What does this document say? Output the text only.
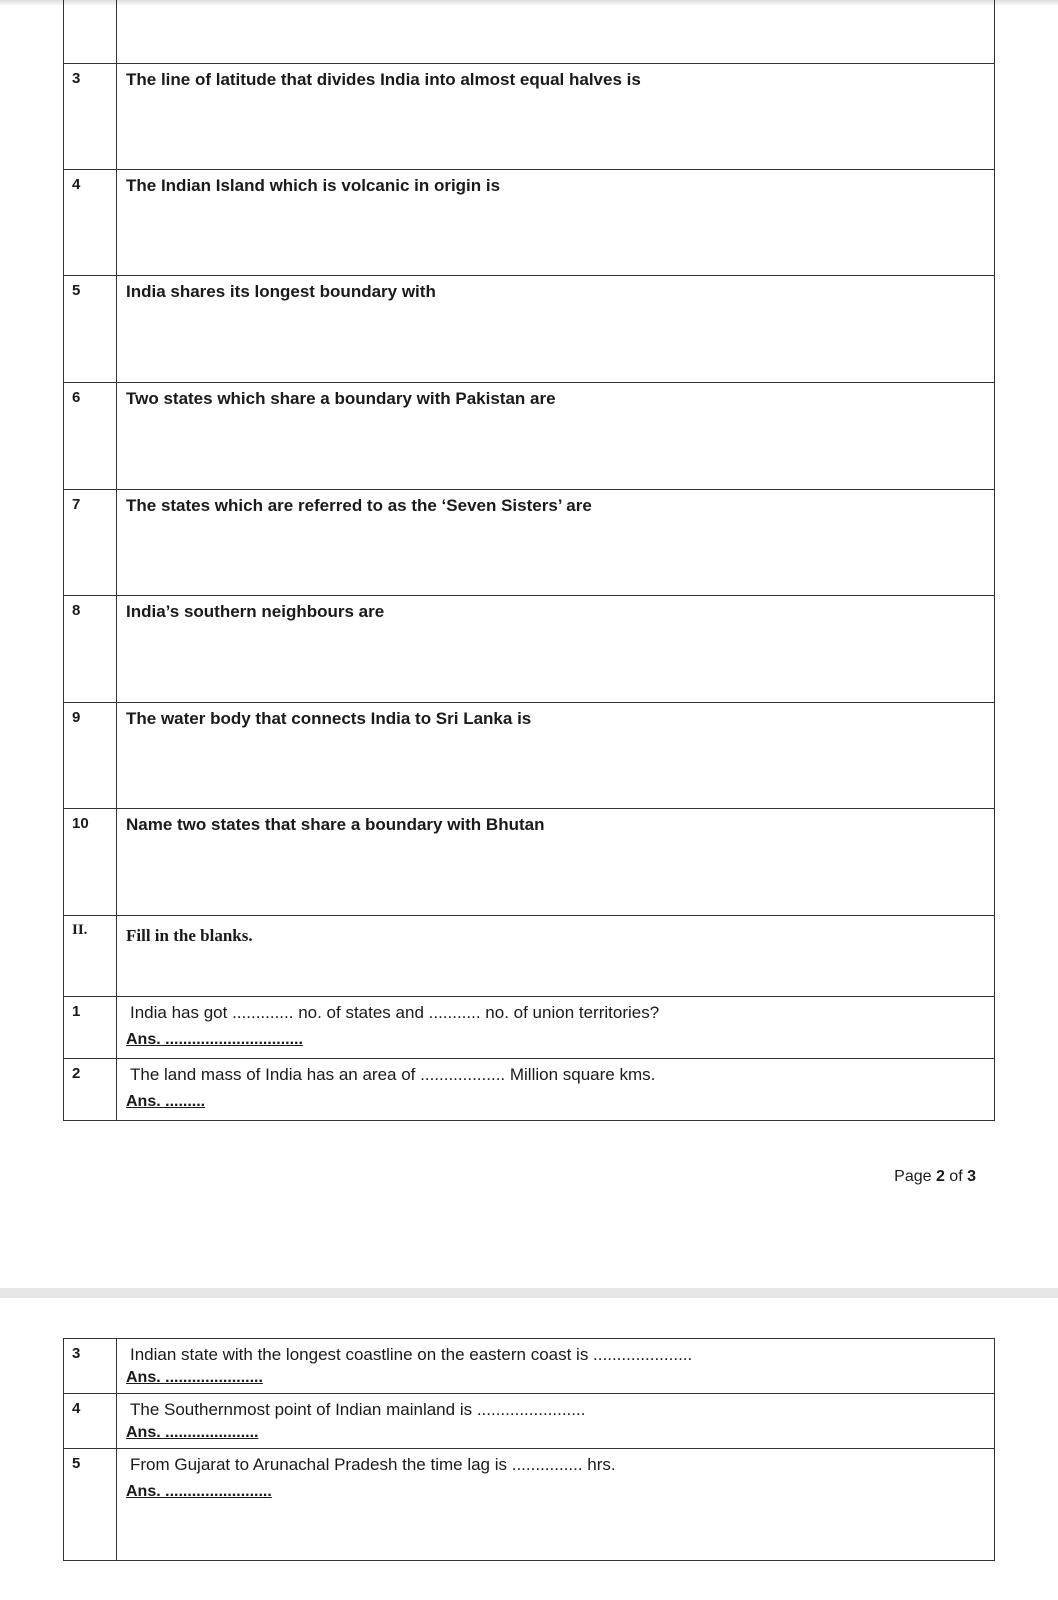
3	The line of latitude that divides India into almost equal halves is
4	The Indian Island which is volcanic in origin is
5	India shares its longest boundary with
6	Two states which share a boundary with Pakistan are
7	The states which are referred to as the ‘Seven Sisters’ are
8	India’s southern neighbours are
9	The water body that connects India to Sri Lanka is
10	Name two states that share a boundary with Bhutan
II.	Fill in the blanks.
1	India has got ............. no. of states and ........... no. of union territories?
Ans. ...............................

2	The land mass of India has an area of .................. Million square kms.
Ans. .........
Page 2 of 3
3	Indian state with the longest coastline on the eastern coast is .....................
Ans. ......................

4	The Southernmost point of Indian mainland is .......................
Ans. .....................

5	From Gujarat to Arunachal Pradesh the time lag is ............... hrs.
Ans. ........................
